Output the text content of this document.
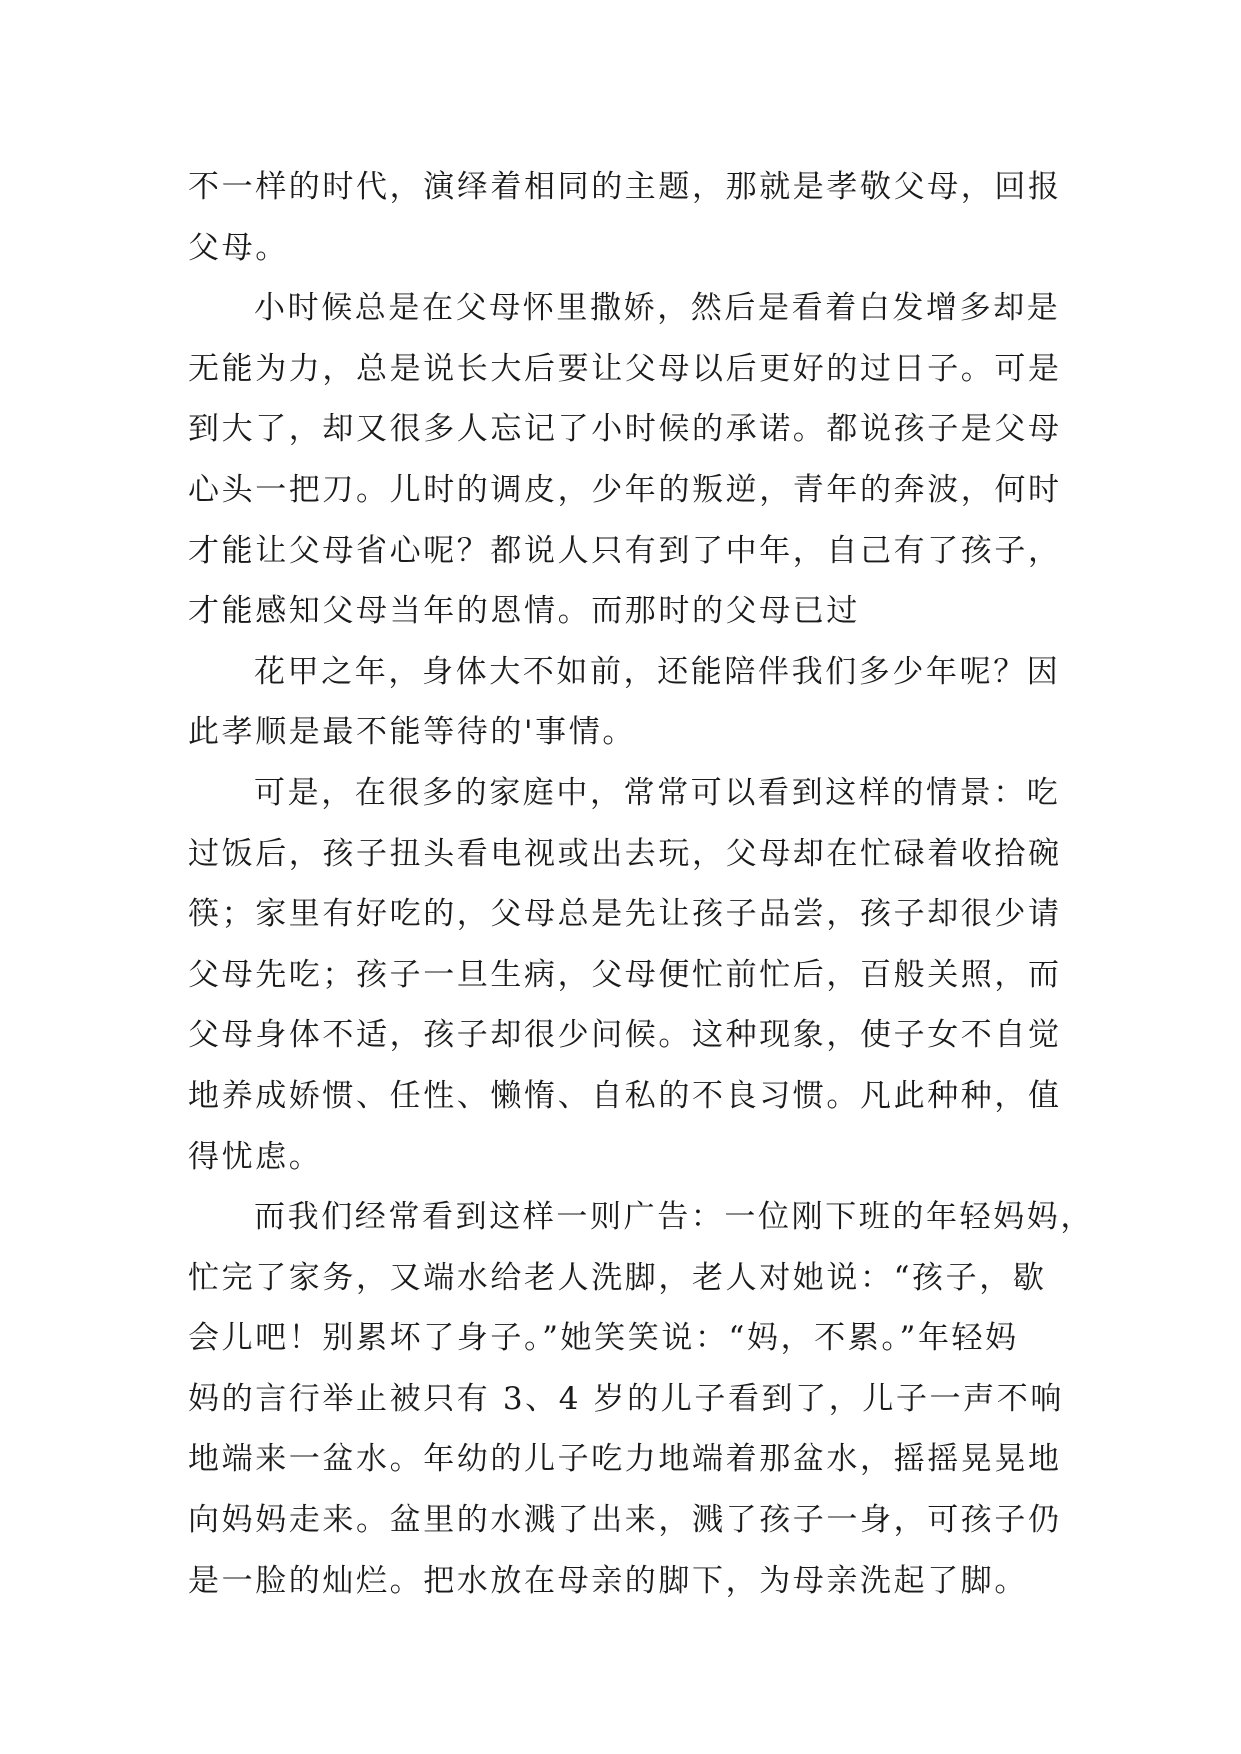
不一样的时代，演绎着相同的主题，那就是孝敬父母，回报
父母。
小时候总是在父母怀里撒娇，然后是看着白发增多却是
无能为力，总是说长大后要让父母以后更好的过日子。可是
到大了，却又很多人忘记了小时候的承诺。都说孩子是父母
心头一把刀。儿时的调皮，少年的叛逆，青年的奔波，何时
才能让父母省心呢？都说人只有到了中年，自己有了孩子，
才能感知父母当年的恩情。而那时的父母已过
花甲之年，身体大不如前，还能陪伴我们多少年呢？因
此孝顺是最不能等待的'事情。
可是，在很多的家庭中，常常可以看到这样的情景：吃
过饭后，孩子扭头看电视或出去玩，父母却在忙碌着收拾碗
筷；家里有好吃的，父母总是先让孩子品尝，孩子却很少请
父母先吃；孩子一旦生病，父母便忙前忙后，百般关照，而
父母身体不适，孩子却很少问候。这种现象，使子女不自觉
地养成娇惯、任性、懒惰、自私的不良习惯。凡此种种，值
得忧虑。
而我们经常看到这样一则广告：一位刚下班的年轻妈妈，
忙完了家务，又端水给老人洗脚，老人对她说：“孩子，歇
会儿吧！别累坏了身子。”她笑笑说：“妈，不累。”年轻妈
妈的言行举止被只有 3、4 岁的儿子看到了，儿子一声不响
地端来一盆水。年幼的儿子吃力地端着那盆水，摇摇晃晃地
向妈妈走来。盆里的水溅了出来，溅了孩子一身，可孩子仍
是一脸的灿烂。把水放在母亲的脚下，为母亲洗起了脚。
